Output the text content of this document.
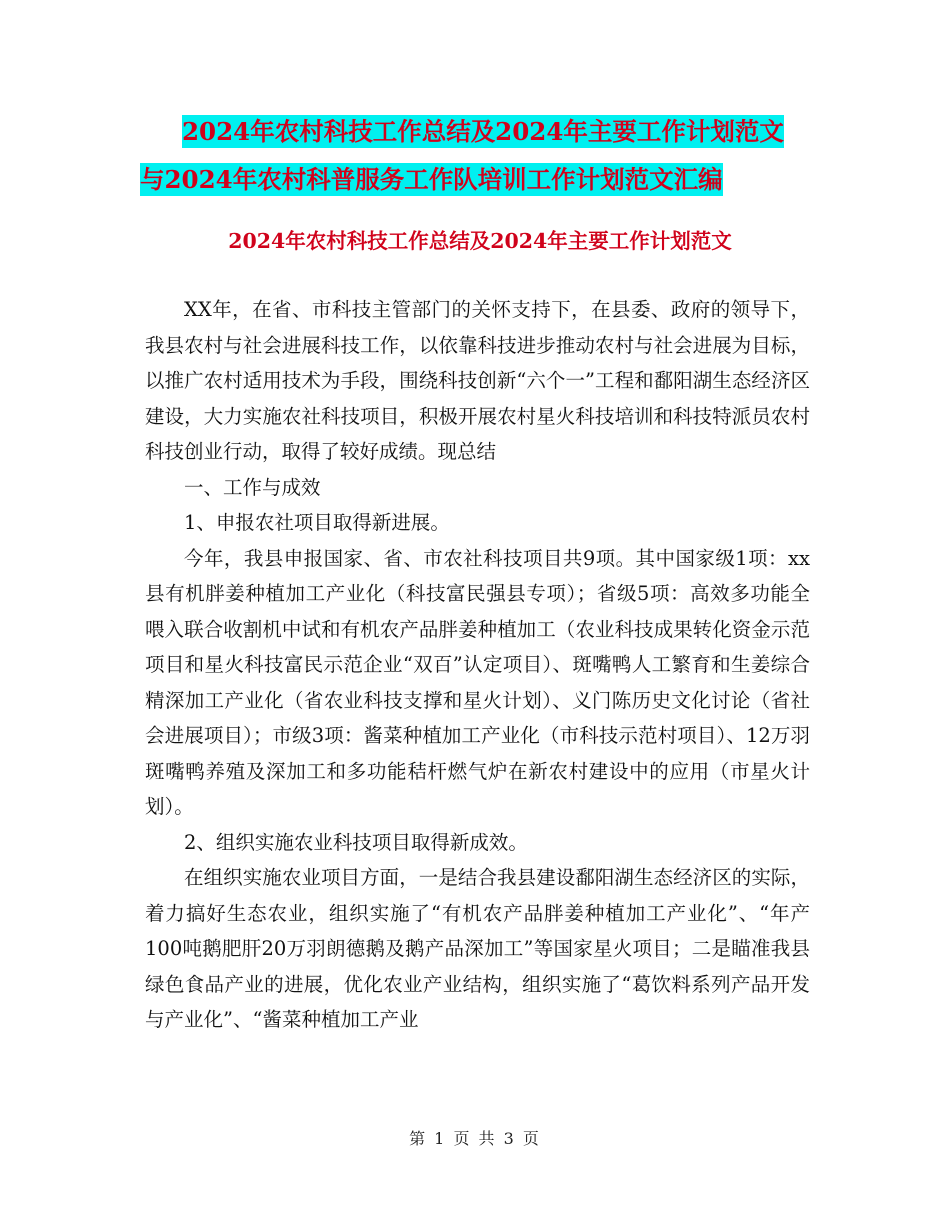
2024年农村科技工作总结及2024年主要工作计划范文
与2024年农村科普服务工作队培训工作计划范文汇编
2024年农村科技工作总结及2024年主要工作计划范文

XX年，在省、市科技主管部门的关怀支持下，在县委、政府的领导下，我县农村与社会进展科技工作，以依靠科技进步推动农村与社会进展为目标，以推广农村适用技术为手段，围绕科技创新“六个一”工程和鄱阳湖生态经济区建设，大力实施农社科技项目，积极开展农村星火科技培训和科技特派员农村科技创业行动，取得了较好成绩。现总结

一、工作与成效

1、申报农社项目取得新进展。

今年，我县申报国家、省、市农社科技项目共9项。其中国家级1项：xx县有机胖姜种植加工产业化（科技富民强县专项）；省级5项：高效多功能全喂入联合收割机中试和有机农产品胖姜种植加工（农业科技成果转化资金示范项目和星火科技富民示范企业“双百”认定项目）、斑嘴鸭人工繁育和生姜综合精深加工产业化（省农业科技支撑和星火计划）、义门陈历史文化讨论（省社会进展项目）；市级3项：酱菜种植加工产业化（市科技示范村项目）、12万羽斑嘴鸭养殖及深加工和多功能秸杆燃气炉在新农村建设中的应用（市星火计划）。

2、组织实施农业科技项目取得新成效。

在组织实施农业项目方面，一是结合我县建设鄱阳湖生态经济区的实际，着力搞好生态农业，组织实施了“有机农产品胖姜种植加工产业化”、“年产100吨鹅肥肝20万羽朗德鹅及鹅产品深加工”等国家星火项目；二是瞄准我县绿色食品产业的进展，优化农业产业结构，组织实施了“葛饮料系列产品开发与产业化”、“酱菜种植加工产业

第 1 页 共 3 页
